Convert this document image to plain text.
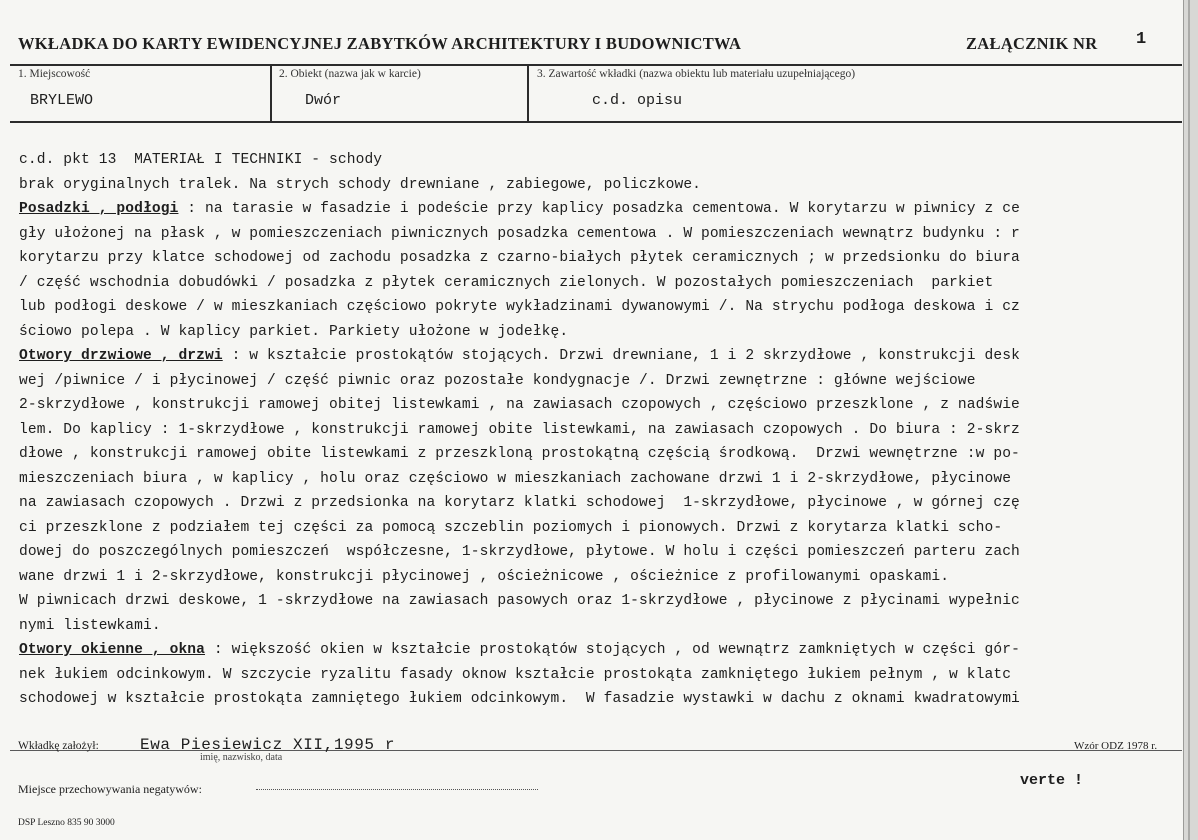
WKŁADKA DO KARTY EWIDENCYJNEJ ZABYTKÓW ARCHITEKTURY I BUDOWNICTWA	ZAŁĄCZNIK NR 1
1. Miejscowość
BRYLEWO
2. Obiekt (nazwa jak w karcie)
Dwór
3. Zawartość wkładki (nazwa obiektu lub materiału uzupełniającego)
c.d. opisu
c.d. pkt 13  MATERIAŁ I TECHNIKI - schody
brak oryginalnych tralek. Na strych schody drewniane , zabiegowe, policzkowe.
Posadzki , podłogi : na tarasie w fasadzie i podeście przy kaplicy posadzka cementowa. W korytarzu w piwnicy z ce
gły ułożonej na płask , w pomieszczeniach piwnicznych posadzka cementowa . W pomieszczeniach wewnątrz budynku : r
korytarzu przy klatce schodowej od zachodu posadzka z czarno-białych płytek ceramicznych ; w przedsionku do biura
/ część wschodnia dobudówki / posadzka z płytek ceramicznych zielonych. W pozostałych pomieszczeniach  parkiet
lub podłogi deskowe / w mieszkaniach częściowo pokryte wykładzinami dywanowymi /. Na strychu podłoga deskowa i cz
ściowo polepa . W kaplicy parkiet. Parkiety ułożone w jodełkę.
Otwory drzwiowe , drzwi : w kształcie prostokątów stojących. Drzwi drewniane, 1 i 2 skrzydłowe , konstrukcji desk
wej /piwnice / i płycinowej / część piwnic oraz pozostałe kondygnacje /. Drzwi zewnętrzne : główne wejściowe
2-skrzydłowe , konstrukcji ramowej obitej listewkami , na zawiasach czopowych , częściowo przeszklone , z nadświe
lem. Do kaplicy : 1-skrzydłowe , konstrukcji ramowej obite listewkami, na zawiasach czopowych . Do biura : 2-skrz
dłowe , konstrukcji ramowej obite listewkami z przeszkloną prostokątną częścią środkową.  Drzwi wewnętrzne :w po-
mieszczeniach biura , w kaplicy , holu oraz częściowo w mieszkaniach zachowane drzwi 1 i 2-skrzydłowe, płycinowe
na zawiasach czopowych . Drzwi z przedsionka na korytarz klatki schodowej  1-skrzydłowe, płycinowe , w górnej czę
ci przeszklone z podziałem tej części za pomocą szczeblin poziomych i pionowych. Drzwi z korytarza klatki scho-
dowej do poszczególnych pomieszczeń  współczesne, 1-skrzydłowe, płytowe. W holu i części pomieszczeń parteru zach
wane drzwi 1 i 2-skrzydłowe, konstrukcji płycinowej , ościeżnicowe , ościeżnice z profilowanymi opaskami.
W piwnicach drzwi deskowe, 1 -skrzydłowe na zawiasach pasowych oraz 1-skrzydłowe , płycinowe z płycinami wypełnic
nymi listewkami.
Otwory okienne , okna : większość okien w kształcie prostokątów stojących , od wewnątrz zamkniętych w części gór-
nek łukiem odcinkowym. W szczycie ryzalitu fasady oknow kształcie prostokąta zamkniętego łukiem pełnym , w klatc
schodowej w kształcie prostokąta zamniętego łukiem odcinkowym.  W fasadzie wystawki w dachu z oknami kwadratowymi
Wkładkę założył:	Ewa Piesiewicz XII,1995 r
imię, nazwisko, data
Wzór ODZ 1978 r.
Miejsce przechowywania negatywów:	verte !
DSP Leszno 835 90 3000
